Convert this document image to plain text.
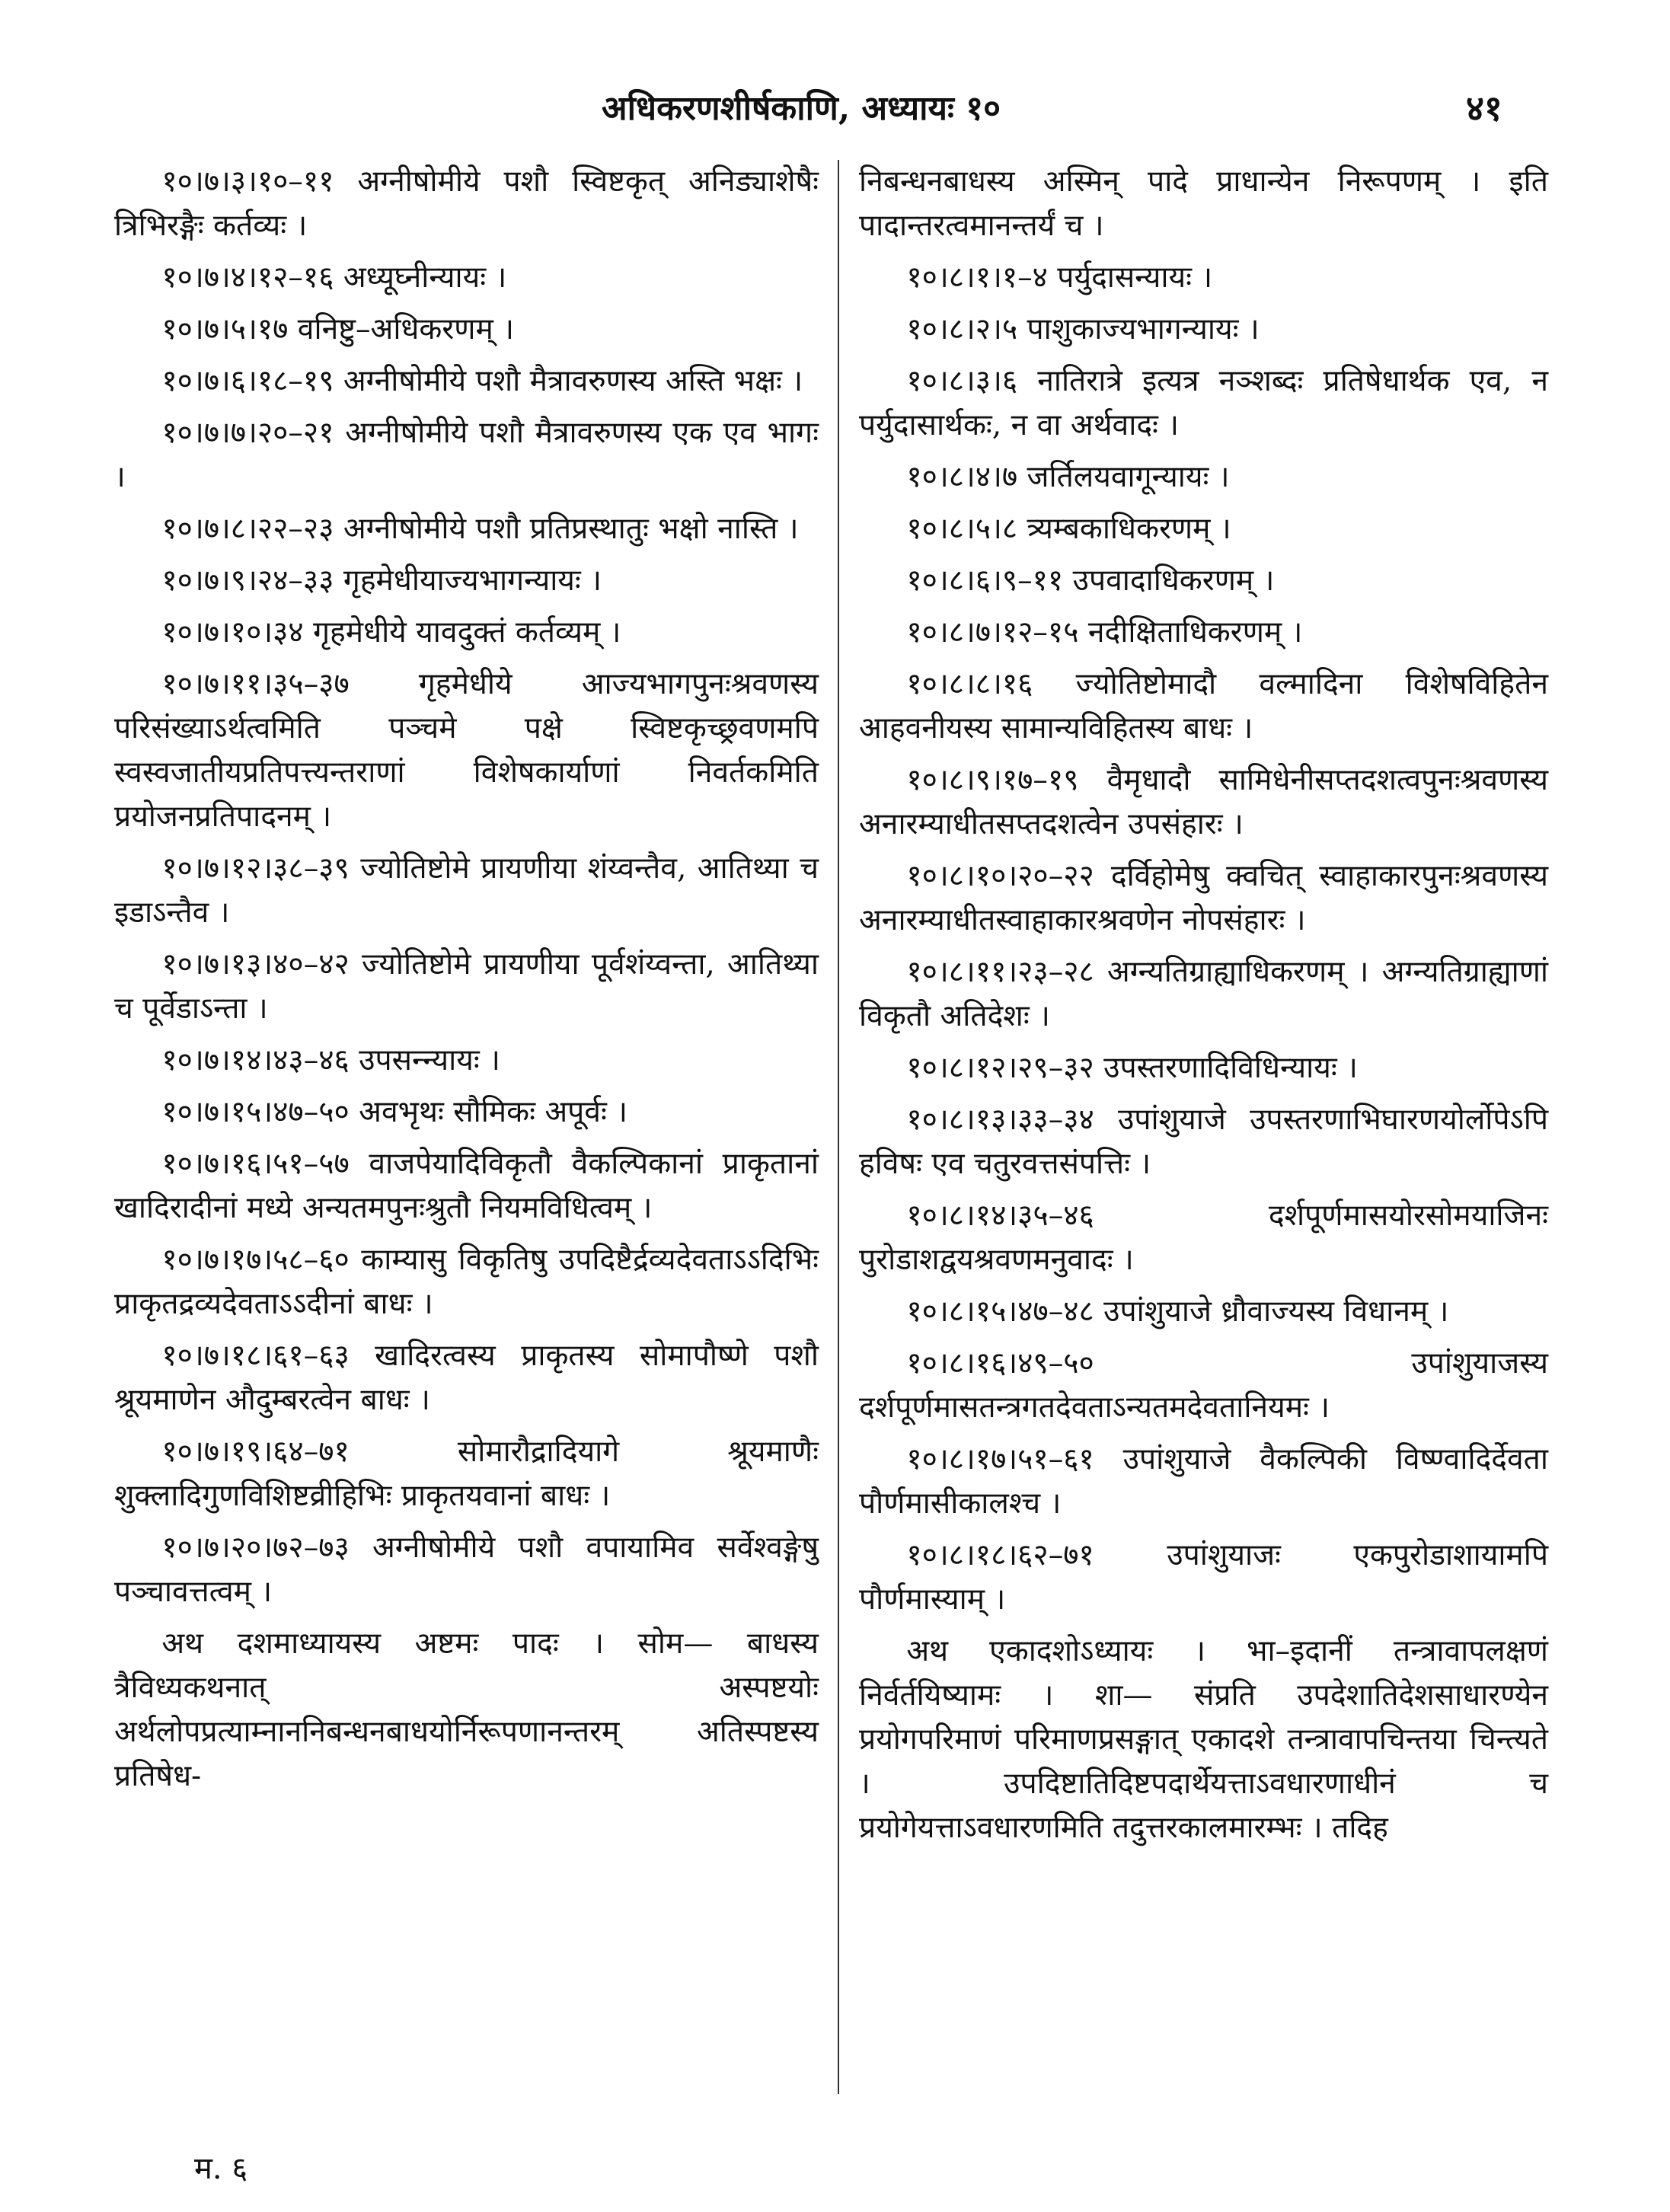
अधिकरणशीर्षकाणि, अध्यायः १०	४१

१०।७।३।१०–११ अग्नीषोमीये पशौ स्विष्टकृत् अनिड्याशेषैः त्रिभिरङ्गैः कर्तव्यः ।

१०।७।४।१२–१६ अध्यूघ्नीन्यायः ।

१०।७।५।१७ वनिष्टु–अधिकरणम् ।

१०।७।६।१८–१९ अग्नीषोमीये पशौ मैत्रावरुणस्य अस्ति भक्षः ।

१०।७।७।२०–२१ अग्नीषोमीये पशौ मैत्रावरुणस्य एक एव भागः ।

१०।७।८।२२–२३ अग्नीषोमीये पशौ प्रतिप्रस्थातुः भक्षो नास्ति ।

१०।७।९।२४–३३ गृहमेधीयाज्यभागन्यायः ।

१०।७।१०।३४ गृहमेधीये यावदुक्तं कर्तव्यम् ।

१०।७।११।३५–३७ गृहमेधीये आज्यभागपुनःश्रवणस्य परिसंख्याऽर्थत्वमिति पञ्चमे पक्षे स्विष्टकृच्छ्रवणमपि स्वस्वजातीयप्रतिपत्त्यन्तराणां विशेषकार्याणां निवर्तकमिति प्रयोजनप्रतिपादनम् ।

१०।७।१२।३८–३९ ज्योतिष्टोमे प्रायणीया शंय्वन्तैव, आतिथ्या च इडाऽन्तैव ।

१०।७।१३।४०–४२ ज्योतिष्टोमे प्रायणीया पूर्वशंय्वन्ता, आतिथ्या च पूर्वेडाऽन्ता ।

१०।७।१४।४३–४६ उपसन्न्यायः ।

१०।७।१५।४७–५० अवभृथः सौमिकः अपूर्वः ।

१०।७।१६।५१–५७ वाजपेयादिविकृतौ वैकल्पिकानां प्राकृतानां खादिरादीनां मध्ये अन्यतमपुनःश्रुतौ नियमविधित्वम् ।

१०।७।१७।५८–६० काम्यासु विकृतिषु उपदिष्टैर्द्रव्यदेवताऽऽदिभिः प्राकृतद्रव्यदेवताऽऽदीनां बाधः ।

१०।७।१८।६१–६३ खादिरत्वस्य प्राकृतस्य सोमापौष्णे पशौ श्रूयमाणेन औदुम्बरत्वेन बाधः ।

१०।७।१९।६४–७१ सोमारौद्रादियागे श्रूयमाणैः शुक्लादिगुणविशिष्टव्रीहिभिः प्राकृतयवानां बाधः ।

१०।७।२०।७२–७३ अग्नीषोमीये पशौ वपायामिव सर्वेश्वङ्गेषु पञ्चावत्तत्वम् ।

अथ दशमाध्यायस्य अष्टमः पादः । सोम— बाधस्य त्रैविध्यकथनात् अस्पष्टयोः अर्थलोपप्रत्याम्नाननिबन्धनबाधयोर्निरूपणानन्तरम् अतिस्पष्टस्य प्रतिषेध-

निबन्धनबाधस्य अस्मिन् पादे प्राधान्येन निरूपणम् । इति पादान्तरत्वमानन्तर्यं च ।

१०।८।१।१–४ पर्युदासन्यायः ।

१०।८।२।५ पाशुकाज्यभागन्यायः ।

१०।८।३।६ नातिरात्रे इत्यत्र नञ्शब्दः प्रतिषेधार्थक एव, न पर्युदासार्थकः, न वा अर्थवादः ।

१०।८।४।७ जर्तिलयवागून्यायः ।

१०।८।५।८ त्र्यम्बकाधिकरणम् ।

१०।८।६।९–११ उपवादाधिकरणम् ।

१०।८।७।१२–१५ नदीक्षिताधिकरणम् ।

१०।८।८।१६ ज्योतिष्टोमादौ वल्मादिना विशेषविहितेन आहवनीयस्य सामान्यविहितस्य बाधः ।

१०।८।९।१७–१९ वैमृधादौ सामिधेनीसप्तदशत्वपुनःश्रवणस्य अनारम्याधीतसप्तदशत्वेन उपसंहारः ।

१०।८।१०।२०–२२ दर्विहोमेषु क्वचित् स्वाहाकारपुनःश्रवणस्य अनारम्याधीतस्वाहाकारश्रवणेन नोपसंहारः ।

१०।८।११।२३–२८ अग्न्यतिग्राह्याधिकरणम् । अग्न्यतिग्राह्याणां विकृतौ अतिदेशः ।

१०।८।१२।२९–३२ उपस्तरणादिविधिन्यायः ।

१०।८।१३।३३–३४ उपांशुयाजे उपस्तरणाभिघारणयोर्लोपेऽपि हविषः एव चतुरवत्तसंपत्तिः ।

१०।८।१४।३५–४६ दर्शपूर्णमासयोरसोमयाजिनः पुरोडाशद्वयश्रवणमनुवादः ।

१०।८।१५।४७–४८ उपांशुयाजे ध्रौवाज्यस्य विधानम् ।

१०।८।१६।४९–५० उपांशुयाजस्य दर्शपूर्णमासतन्त्रगतदेवताऽन्यतमदेवतानियमः ।

१०।८।१७।५१–६१ उपांशुयाजे वैकल्पिकी विष्ण्वादिर्देवता पौर्णमासीकालश्च ।

१०।८।१८।६२–७१ उपांशुयाजः एकपुरोडाशायामपि पौर्णमास्याम् ।

अथ एकादशोऽध्यायः । भा–इदानीं तन्त्रावापलक्षणं निर्वर्तयिष्यामः । शा— संप्रति उपदेशातिदेशसाधारण्येन प्रयोगपरिमाणं परिमाणप्रसङ्गात् एकादशे तन्त्रावापचिन्तया चिन्त्यते । उपदिष्टातिदिष्टपदार्थेयत्ताऽवधारणाधीनं च प्रयोगेयत्ताऽवधारणमिति तदुत्तरकालमारम्भः । तदिह

म. ६
